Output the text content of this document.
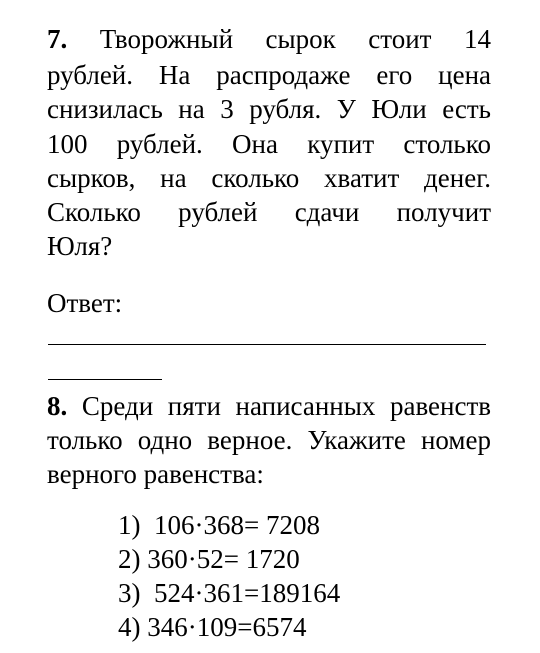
7. Творожный сырок стоит 14
рублей. На распродаже его цена
снизилась на 3 рубля. У Юли есть
100 рублей. Она купит столько
сырков, на сколько хватит денег.
Сколько рублей сдачи получит
Юля?
Ответ:
8. Среди пяти написанных равенств
только одно верное. Укажите номер
верного равенства:
1)  106·368= 7208
2) 360·52= 1720
3)  524·361=189164
4) 346·109=6574
